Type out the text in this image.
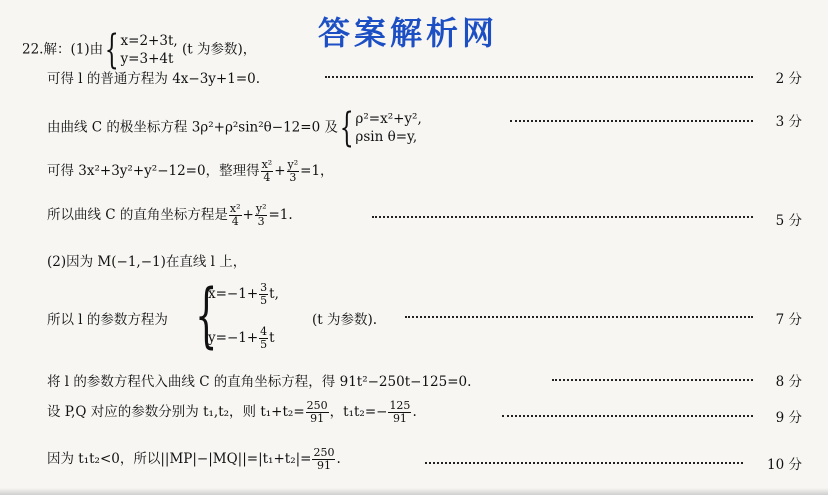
答案解析网
22.解：(1)由{ x=2+3t,
y=3+4t
(t 为参数)，
可得 l 的普通方程为 4x−3y+1=0.	2 分
由曲线 C 的极坐标方程 3ρ²+ρ²sin²θ−12=0 及{ ρ²=x²+y²,
ρsin θ=y,
3 分
可得 3x²+3y²+y²−12=0，整理得 $\frac{\text{x²}}{4} + \frac{\text{y²}}{3} =1$，
所以曲线 C 的直角坐标方程是 $\frac{\text{x²}}{4} + \frac{\text{y²}}{3} =1$.	5 分
(2)因为 M(−1,−1)在直线 l 上，
所以 l 的参数方程为 {
$x=-1+ \frac{3}{5} t$,
$y=-1+ \frac{4}{5}$ t
(t 为参数).	7 分
将 l 的参数方程代入曲线 C 的直角坐标方程，得 91t²−250t−125=0.	8 分
设 P,Q 对应的参数分别为 t₁,t₂，则 $t_1+t_2= \frac{250}{91}$ ，$t_1t_2=- \frac{125}{91}$ .	9 分
因为 t₁t₂<0，所以$||MP|-|MQ||=|t_1+t_2|= \frac{250}{91}$ .	10 分
